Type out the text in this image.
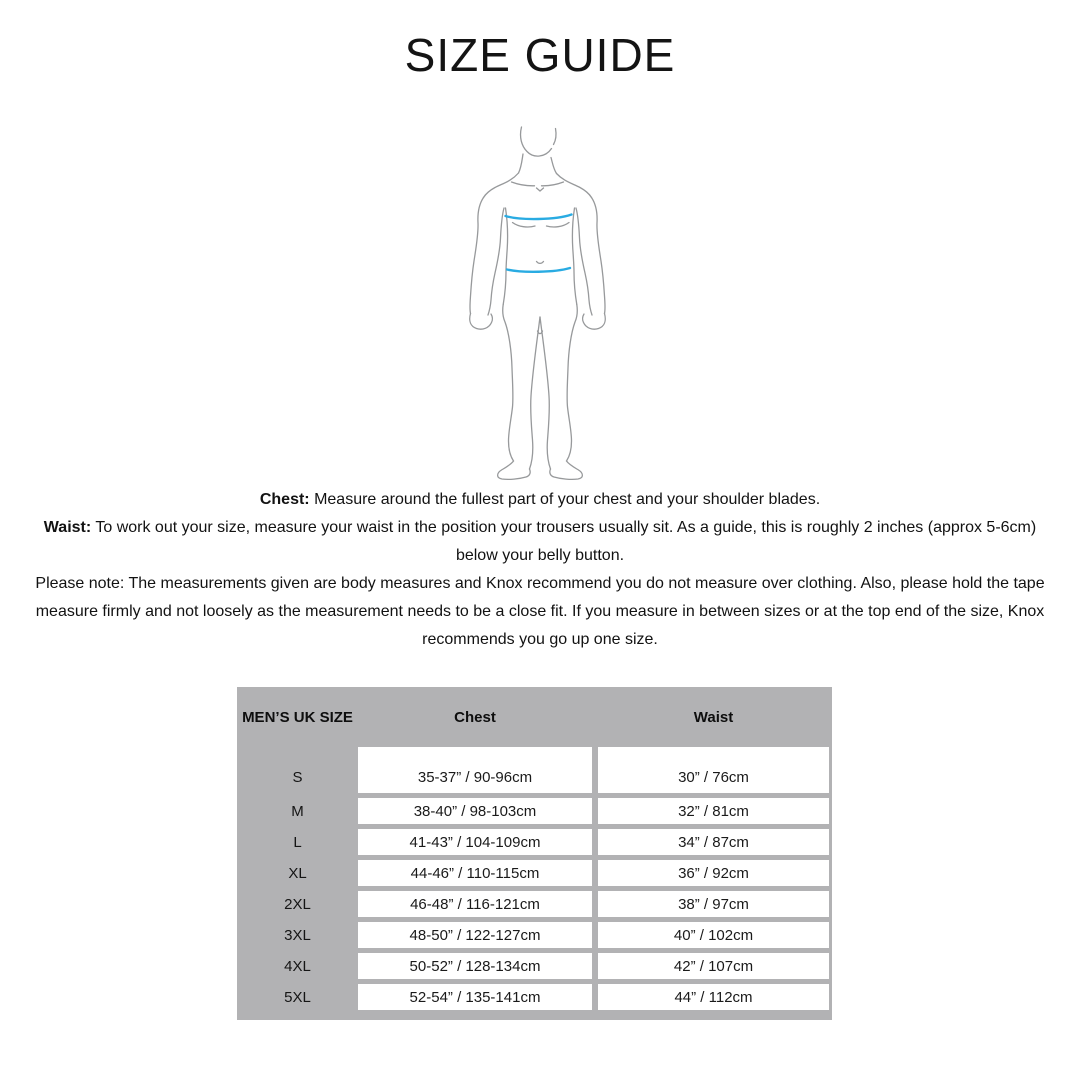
SIZE GUIDE
Chest: Measure around the fullest part of your chest and your shoulder blades.
Waist: To work out your size, measure your waist in the position your trousers usually sit. As a guide, this is roughly 2 inches (approx 5-6cm)
below your belly button.
Please note: The measurements given are body measures and Knox recommend you do not measure over clothing. Also, please hold the tape
measure firmly and not loosely as the measurement needs to be a close fit. If you measure in between sizes or at the top end of the size, Knox
recommends you go up one size.
MEN’S UK SIZE	Chest	Waist
S	35-37” / 90-96cm	30” / 76cm
M	38-40” / 98-103cm	32” / 81cm
L	41-43” / 104-109cm	34” / 87cm
XL	44-46” / 110-115cm	36” / 92cm
2XL	46-48” / 116-121cm	38” / 97cm
3XL	48-50” / 122-127cm	40” / 102cm
4XL	50-52” / 128-134cm	42” / 107cm
5XL	52-54” / 135-141cm	44” / 112cm
